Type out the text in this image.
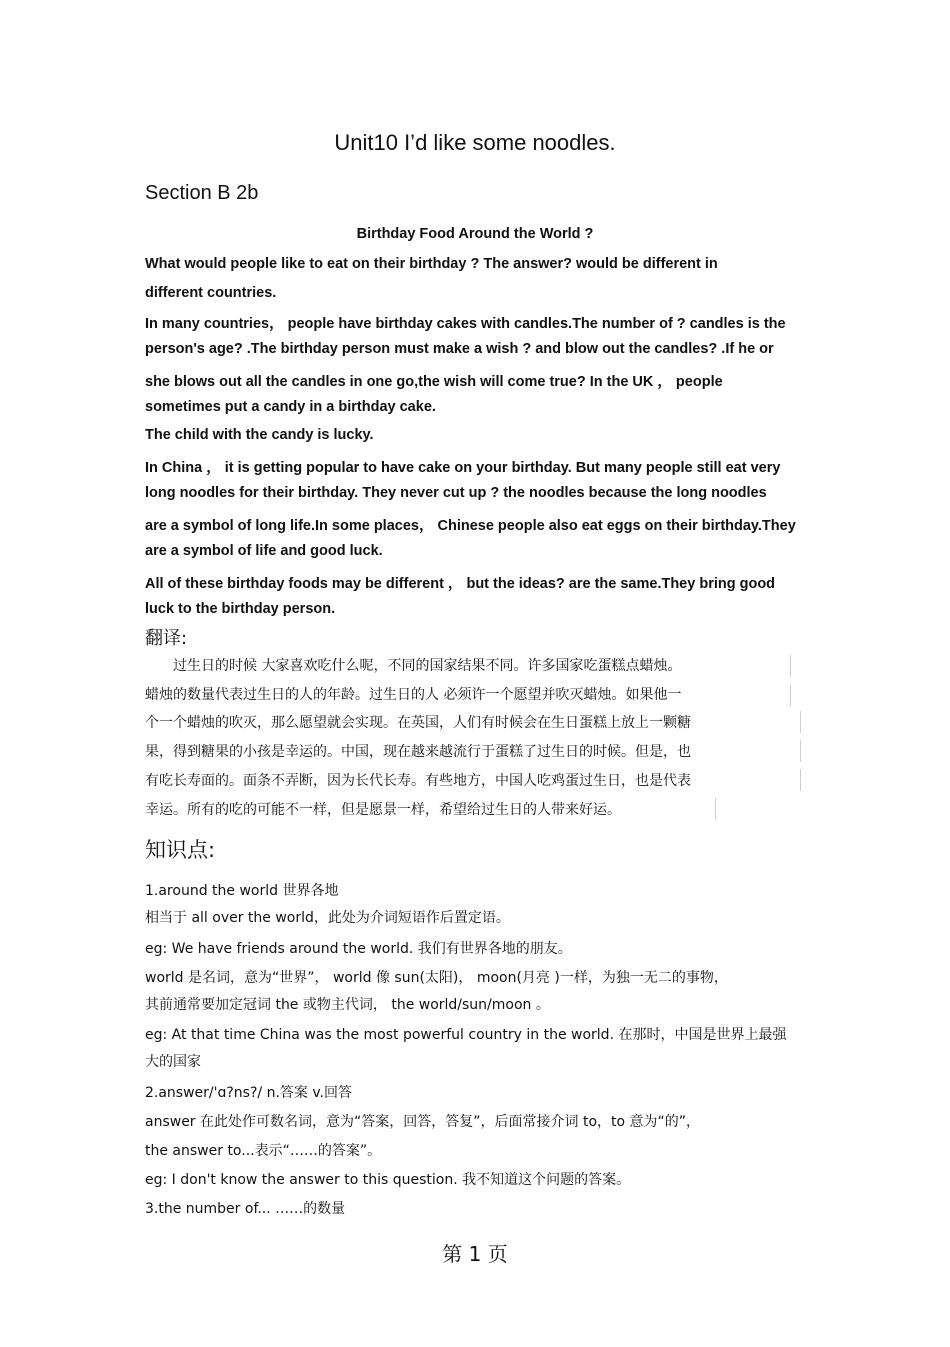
Unit10 I’d like some noodles.
Section B 2b
Birthday Food Around the World ?
What would people like to eat on their birthday ? The answer? would be different in
different countries.
In many countries， people have birthday cakes with candles.The number of ? candles is the
person's age? .The birthday person must make a wish ? and blow out the candles? .If he or
she blows out all the candles in one go,the wish will come true? In the UK ， people
sometimes put a candy in a birthday cake.
The child with the candy is lucky.
In China ， it is getting popular to have cake on your birthday. But many people still eat very
long noodles for their birthday. They never cut up ? the noodles because the long noodles
are a symbol of long life.In some places， Chinese people also eat eggs on their birthday.They
are a symbol of life and good luck.
All of these birthday foods may be different ， but the ideas? are the same.They bring good
luck to the birthday person.
翻译:
　　过生日的时候 大家喜欢吃什么呢，不同的国家结果不同。许多国家吃蛋糕点蜡烛。
蜡烛的数量代表过生日的人的年龄。过生日的人 必须许一个愿望并吹灭蜡烛。如果他一
个一个蜡烛的吹灭，那么愿望就会实现。在英国，人们有时候会在生日蛋糕上放上一颗糖
果，得到糖果的小孩是幸运的。中国，现在越来越流行于蛋糕了过生日的时候。但是，也
有吃长寿面的。面条不弄断，因为长代长寿。有些地方，中国人吃鸡蛋过生日，也是代表
幸运。所有的吃的可能不一样，但是愿景一样，希望给过生日的人带来好运。
知识点:
1.around the world 世界各地
相当于 all over the world，此处为介词短语作后置定语。
eg: We have friends around the world. 我们有世界各地的朋友。
world 是名词，意为“世界”， world 像 sun(太阳)， moon(月亮 )一样，为独一无二的事物，
其前通常要加定冠词 the 或物主代词， the world/sun/moon 。
eg: At that time China was the most powerful country in the world. 在那时，中国是世界上最强
大的国家
2.answer/'ɑ?ns?/ n.答案 v.回答
answer 在此处作可数名词，意为“答案，回答，答复”，后面常接介词 to，to 意为“的”，
the answer to...表示“……的答案”。
eg: I don't know the answer to this question. 我不知道这个问题的答案。
3.the number of... ……的数量
第 1 页
